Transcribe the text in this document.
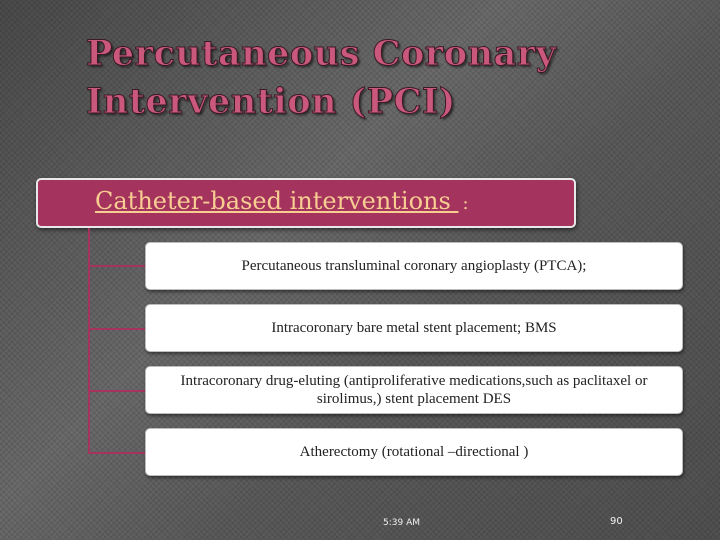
Percutaneous Coronary
Intervention (PCI)
Catheter-based interventions :
Percutaneous transluminal coronary angioplasty (PTCA);
Intracoronary bare metal stent placement; BMS
Intracoronary drug-eluting (antiproliferative medications,such as paclitaxel or sirolimus,) stent placement DES
Atherectomy (rotational –directional )
5:39 AM	90
